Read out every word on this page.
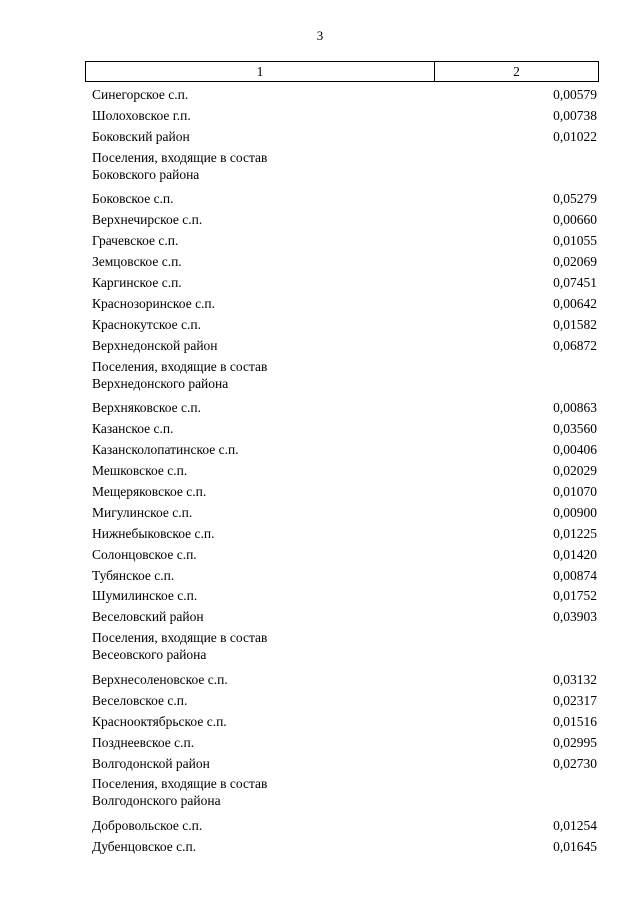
3
1	2
Синегорское с.п.	0,00579
Шолоховское г.п.	0,00738
Боковский район	0,01022
Поселения, входящие в состав
Боковского района
Боковское с.п.	0,05279
Верхнечирское с.п.	0,00660
Грачевское с.п.	0,01055
Земцовское с.п.	0,02069
Каргинское с.п.	0,07451
Краснозоринское с.п.	0,00642
Краснокутское с.п.	0,01582
Верхнедонской район	0,06872
Поселения, входящие в состав
Верхнедонского района
Верхняковское с.п.	0,00863
Казанское с.п.	0,03560
Казанcколопатинское с.п.	0,00406
Мешковское с.п.	0,02029
Мещеряковское с.п.	0,01070
Мигулинское с.п.	0,00900
Нижнебыковское с.п.	0,01225
Солонцовское с.п.	0,01420
Тубянское с.п.	0,00874
Шумилинское с.п.	0,01752
Веселовский район	0,03903
Поселения, входящие в состав
Весеовского района
Верхнесоленовское с.п.	0,03132
Веселовское с.п.	0,02317
Краснооктябрьское с.п.	0,01516
Позднеевское с.п.	0,02995
Волгодонской район	0,02730
Поселения, входящие в состав
Волгодонского района
Добровольское с.п.	0,01254
Дубенцовское с.п.	0,01645
